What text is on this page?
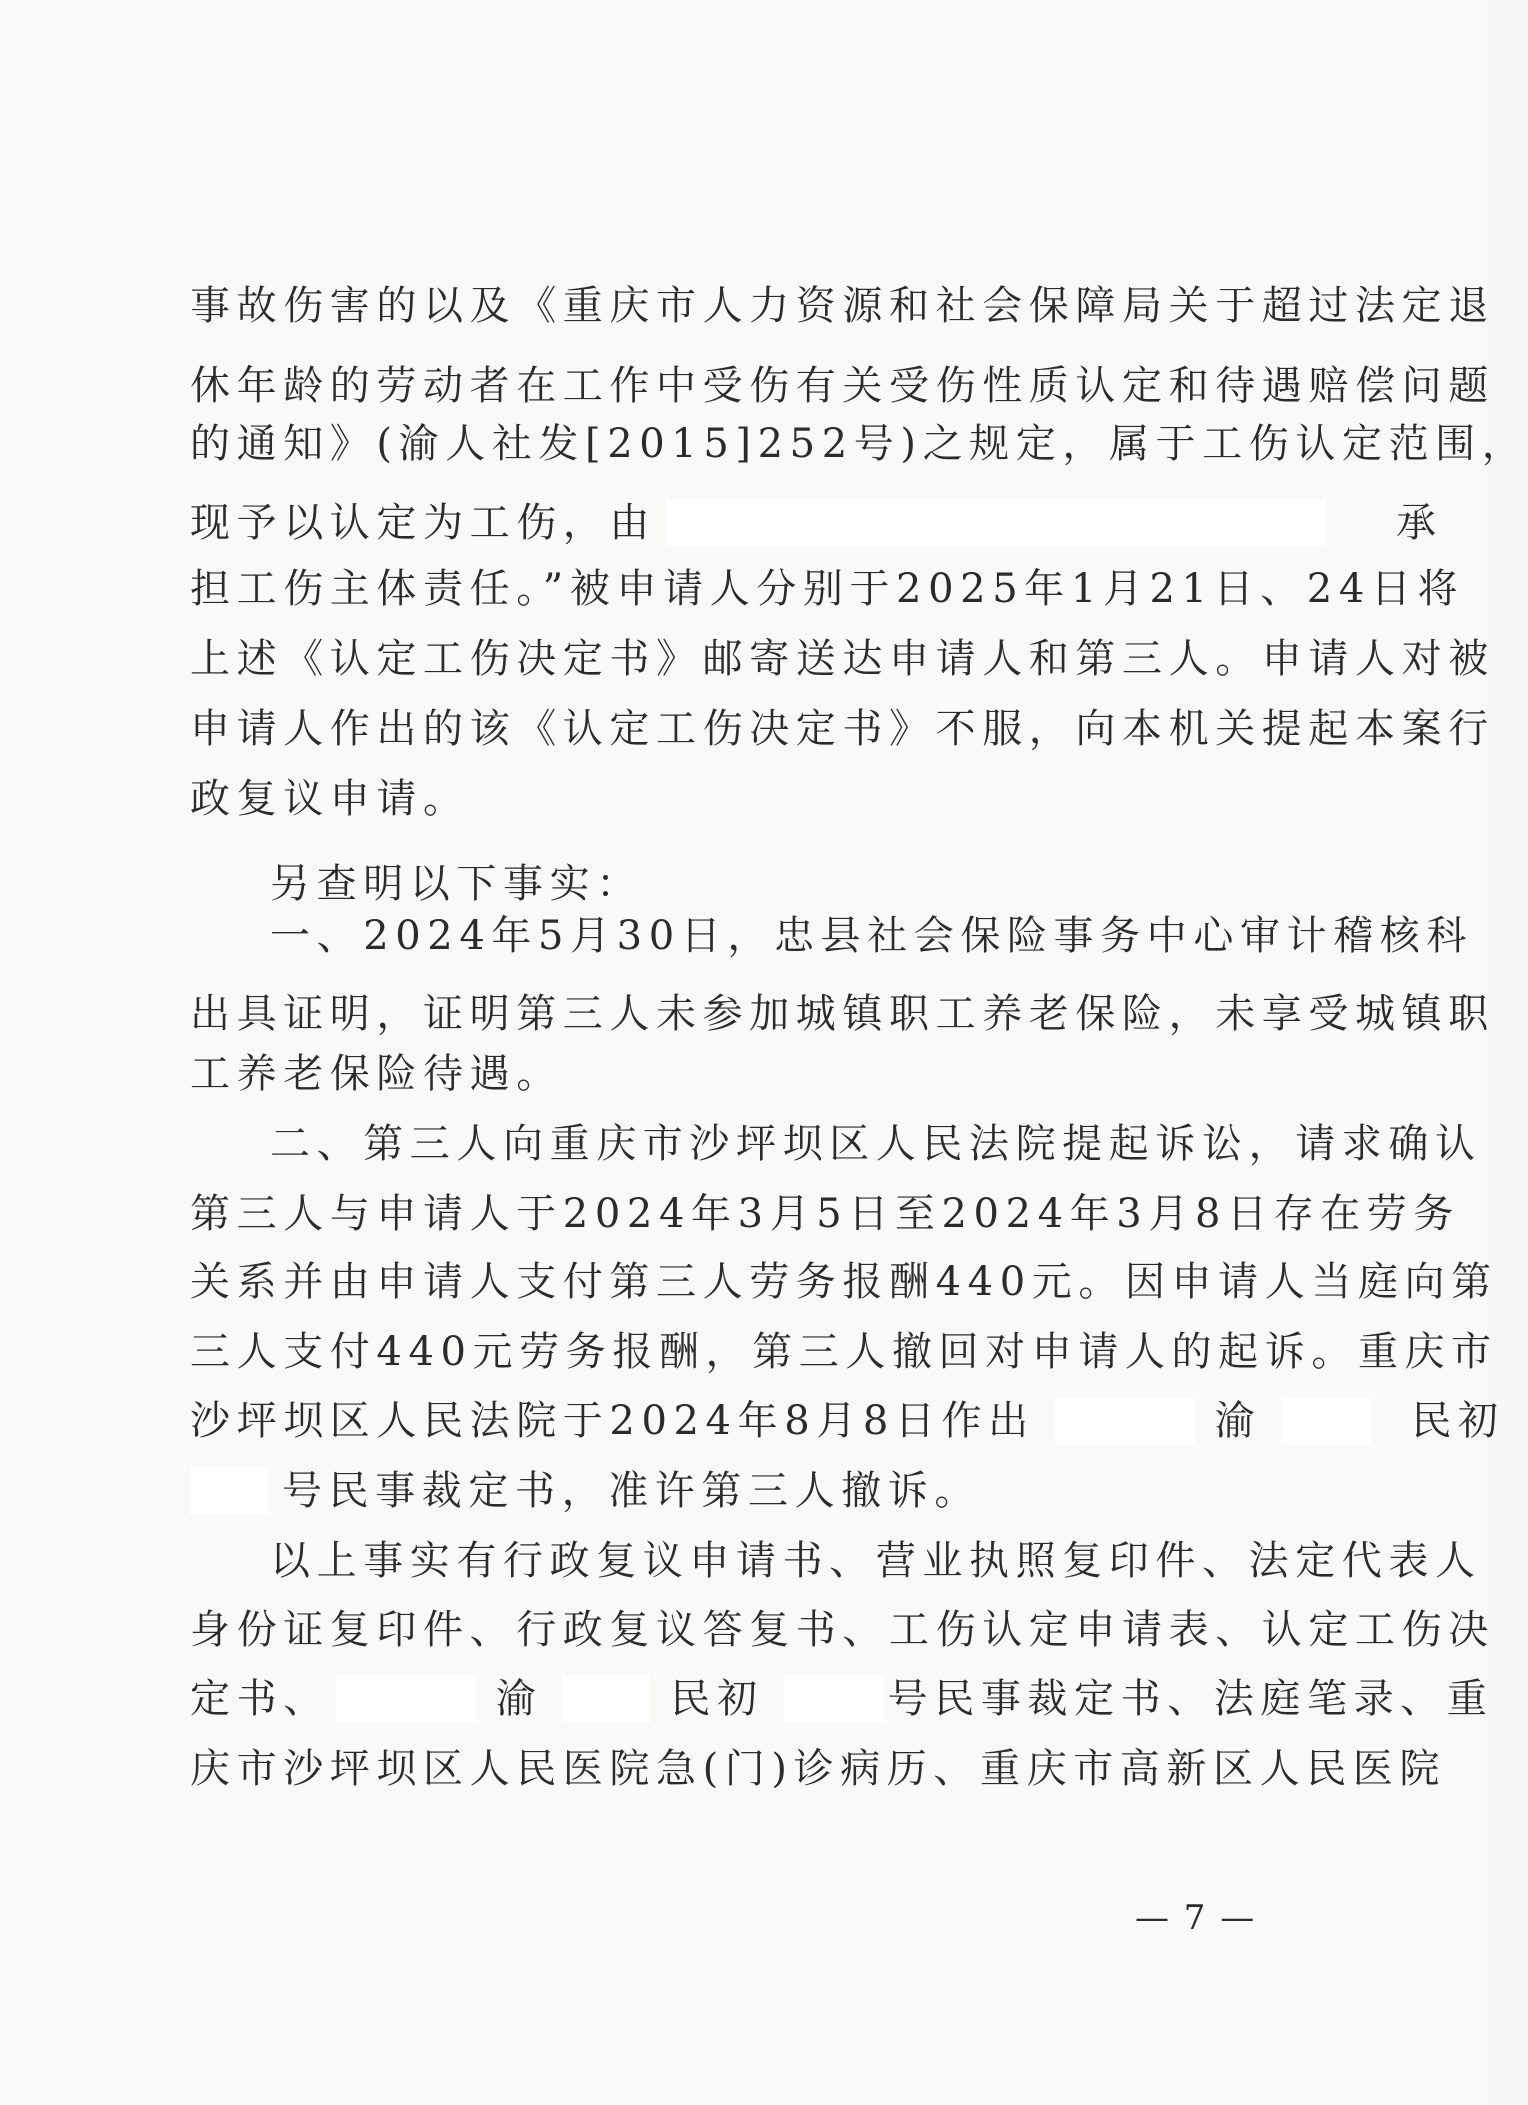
事故伤害的以及《重庆市人力资源和社会保障局关于超过法定退
休年龄的劳动者在工作中受伤有关受伤性质认定和待遇赔偿问题
的通知》(渝人社发[2015]252号)之规定，属于工伤认定范围，
现予以认定为工伤，由	承
担工伤主体责任。”被申请人分别于2025年1月21日、24日将
上述《认定工伤决定书》邮寄送达申请人和第三人。申请人对被
申请人作出的该《认定工伤决定书》不服，向本机关提起本案行
政复议申请。
另查明以下事实：
一、2024年5月30日，忠县社会保险事务中心审计稽核科
出具证明，证明第三人未参加城镇职工养老保险，未享受城镇职
工养老保险待遇。
二、第三人向重庆市沙坪坝区人民法院提起诉讼，请求确认
第三人与申请人于2024年3月5日至2024年3月8日存在劳务
关系并由申请人支付第三人劳务报酬440元。因申请人当庭向第
三人支付440元劳务报酬，第三人撤回对申请人的起诉。重庆市
沙坪坝区人民法院于2024年8月8日作出	渝	民初
号民事裁定书，准许第三人撤诉。
以上事实有行政复议申请书、营业执照复印件、法定代表人
身份证复印件、行政复议答复书、工伤认定申请表、认定工伤决
定书、	渝	民初	号民事裁定书、法庭笔录、重
庆市沙坪坝区人民医院急(门)诊病历、重庆市高新区人民医院
— 7 —
